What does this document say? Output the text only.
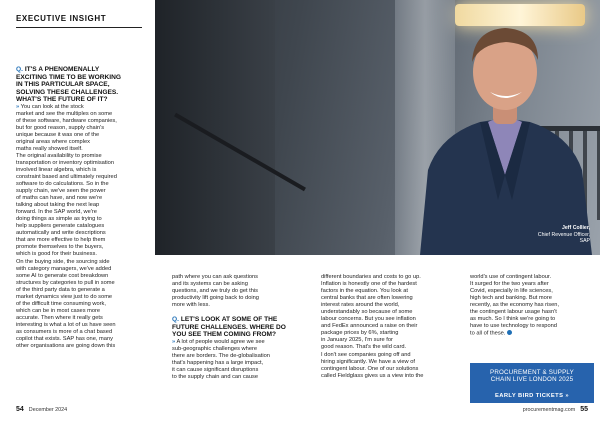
EXECUTIVE INSIGHT
Q. IT'S A PHENOMENALLY
EXCITING TIME TO BE WORKING
IN THIS PARTICULAR SPACE,
SOLVING THESE CHALLENGES.
WHAT'S THE FUTURE OF IT?

» You can look at the stock
market and see the multiples on some
of these software, hardware companies,
but for good reason, supply chain's
unique because it was one of the
original areas where complex
maths really showed itself.
The original availability to promise
transportation or inventory optimisation
involved linear algebra, which is
constraint based and ultimately required
software to do calculations. So in the
supply chain, we've seen the power
of maths can have, and now we're
talking about taking the next leap
forward. In the SAP world, we're
doing things as simple as trying to
help suppliers generate catalogues
automatically and write descriptions
that are more effective to help them
promote themselves to the buyers,
which is good for their business.
On the buying side, the sourcing side
with category managers, we've added
some AI to generate cost breakdown
structures by categories to pull in some
of the third party data to generate a
market dynamics view just to do some
of the difficult time consuming work,
which can be in most cases more
accurate. Then where it really gets
interesting is what a lot of us have seen
as consumers is more of a chat based
copilot that exists. SAP has one, many
other organisations are going down this

path where you can ask questions
and its systems can be asking
questions, and we truly do get this
productivity lift going back to doing
more with less.

Q. LET'S LOOK AT SOME OF THE
FUTURE CHALLENGES. WHERE DO
YOU SEE THEM COMING FROM?

» A lot of people would agree we see
sub-geographic challenges where
there are borders. The de-globalisation
that's happening has a large impact,
it can cause significant disruptions
to the supply chain and can cause

54 December 2024
Jeff Collier,
Chief Revenue Officer,
SAP

different boundaries and costs to go up.
Inflation is honestly one of the hardest
factors in the equation. You look at
central banks that are often lowering
interest rates around the world,
understandably so because of some
labour concerns. But you see inflation
and FedEx announced a raise on their
package prices by 6%, starting
in January 2025, I'm sure for
good reason. That's the wild card.
I don't see companies going off and
hiring significantly. We have a view of
contingent labour. One of our solutions
called Fieldglass gives us a view into the

world's use of contingent labour.
It surged for the two years after
Covid, especially in life sciences,
high tech and banking. But more
recently, as the economy has risen,
the contingent labour usage hasn't
as much. So I think we're going to
have to use technology to respond
to all of these.

PROCUREMENT & SUPPLY
CHAIN LIVE LONDON 2025
EARLY BIRD TICKETS »
procurementmag.com 55
